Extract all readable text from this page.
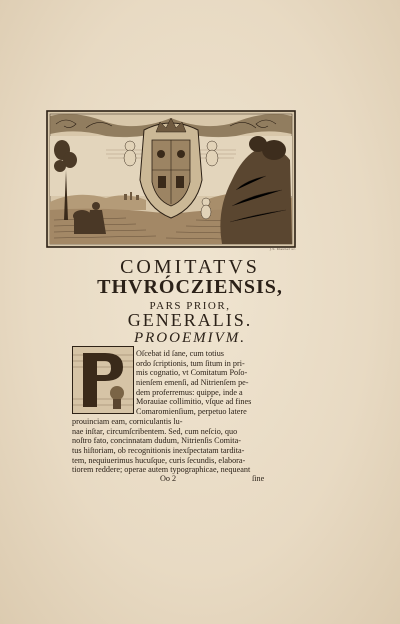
J.S. Klauber sc.
COMITATVS
THVRÓCZIENSIS,
PARS PRIOR,
GENERALIS.
PROOEMIVM.
Oſcebat id ſane, cum totius
ordo ſcriptionis, tum ſitum in pri-
mis cognatio, vt Comitatum Poſo-
nienſem emenſi, ad Nitrienſem pe-
dem proferremus: quippe, inde a
Morauiae collimitio, vſque ad fines
Comaromienſium, perpetuo latere
prouinciam eam, corniculantis lu-
nae inſtar, circumſcribentem. Sed, cum neſcio, quo
noſtro fato, concinnatam dudum, Nitrienſis Comita-
tus hiſtoriam, ob recognitionis inexſpectatam tardita-
tem, nequiuerimus hucuſque, curis ſecundis, elabora-
tiorem reddere; operae autem typographicae, nequeant
Oo 2	ſine
